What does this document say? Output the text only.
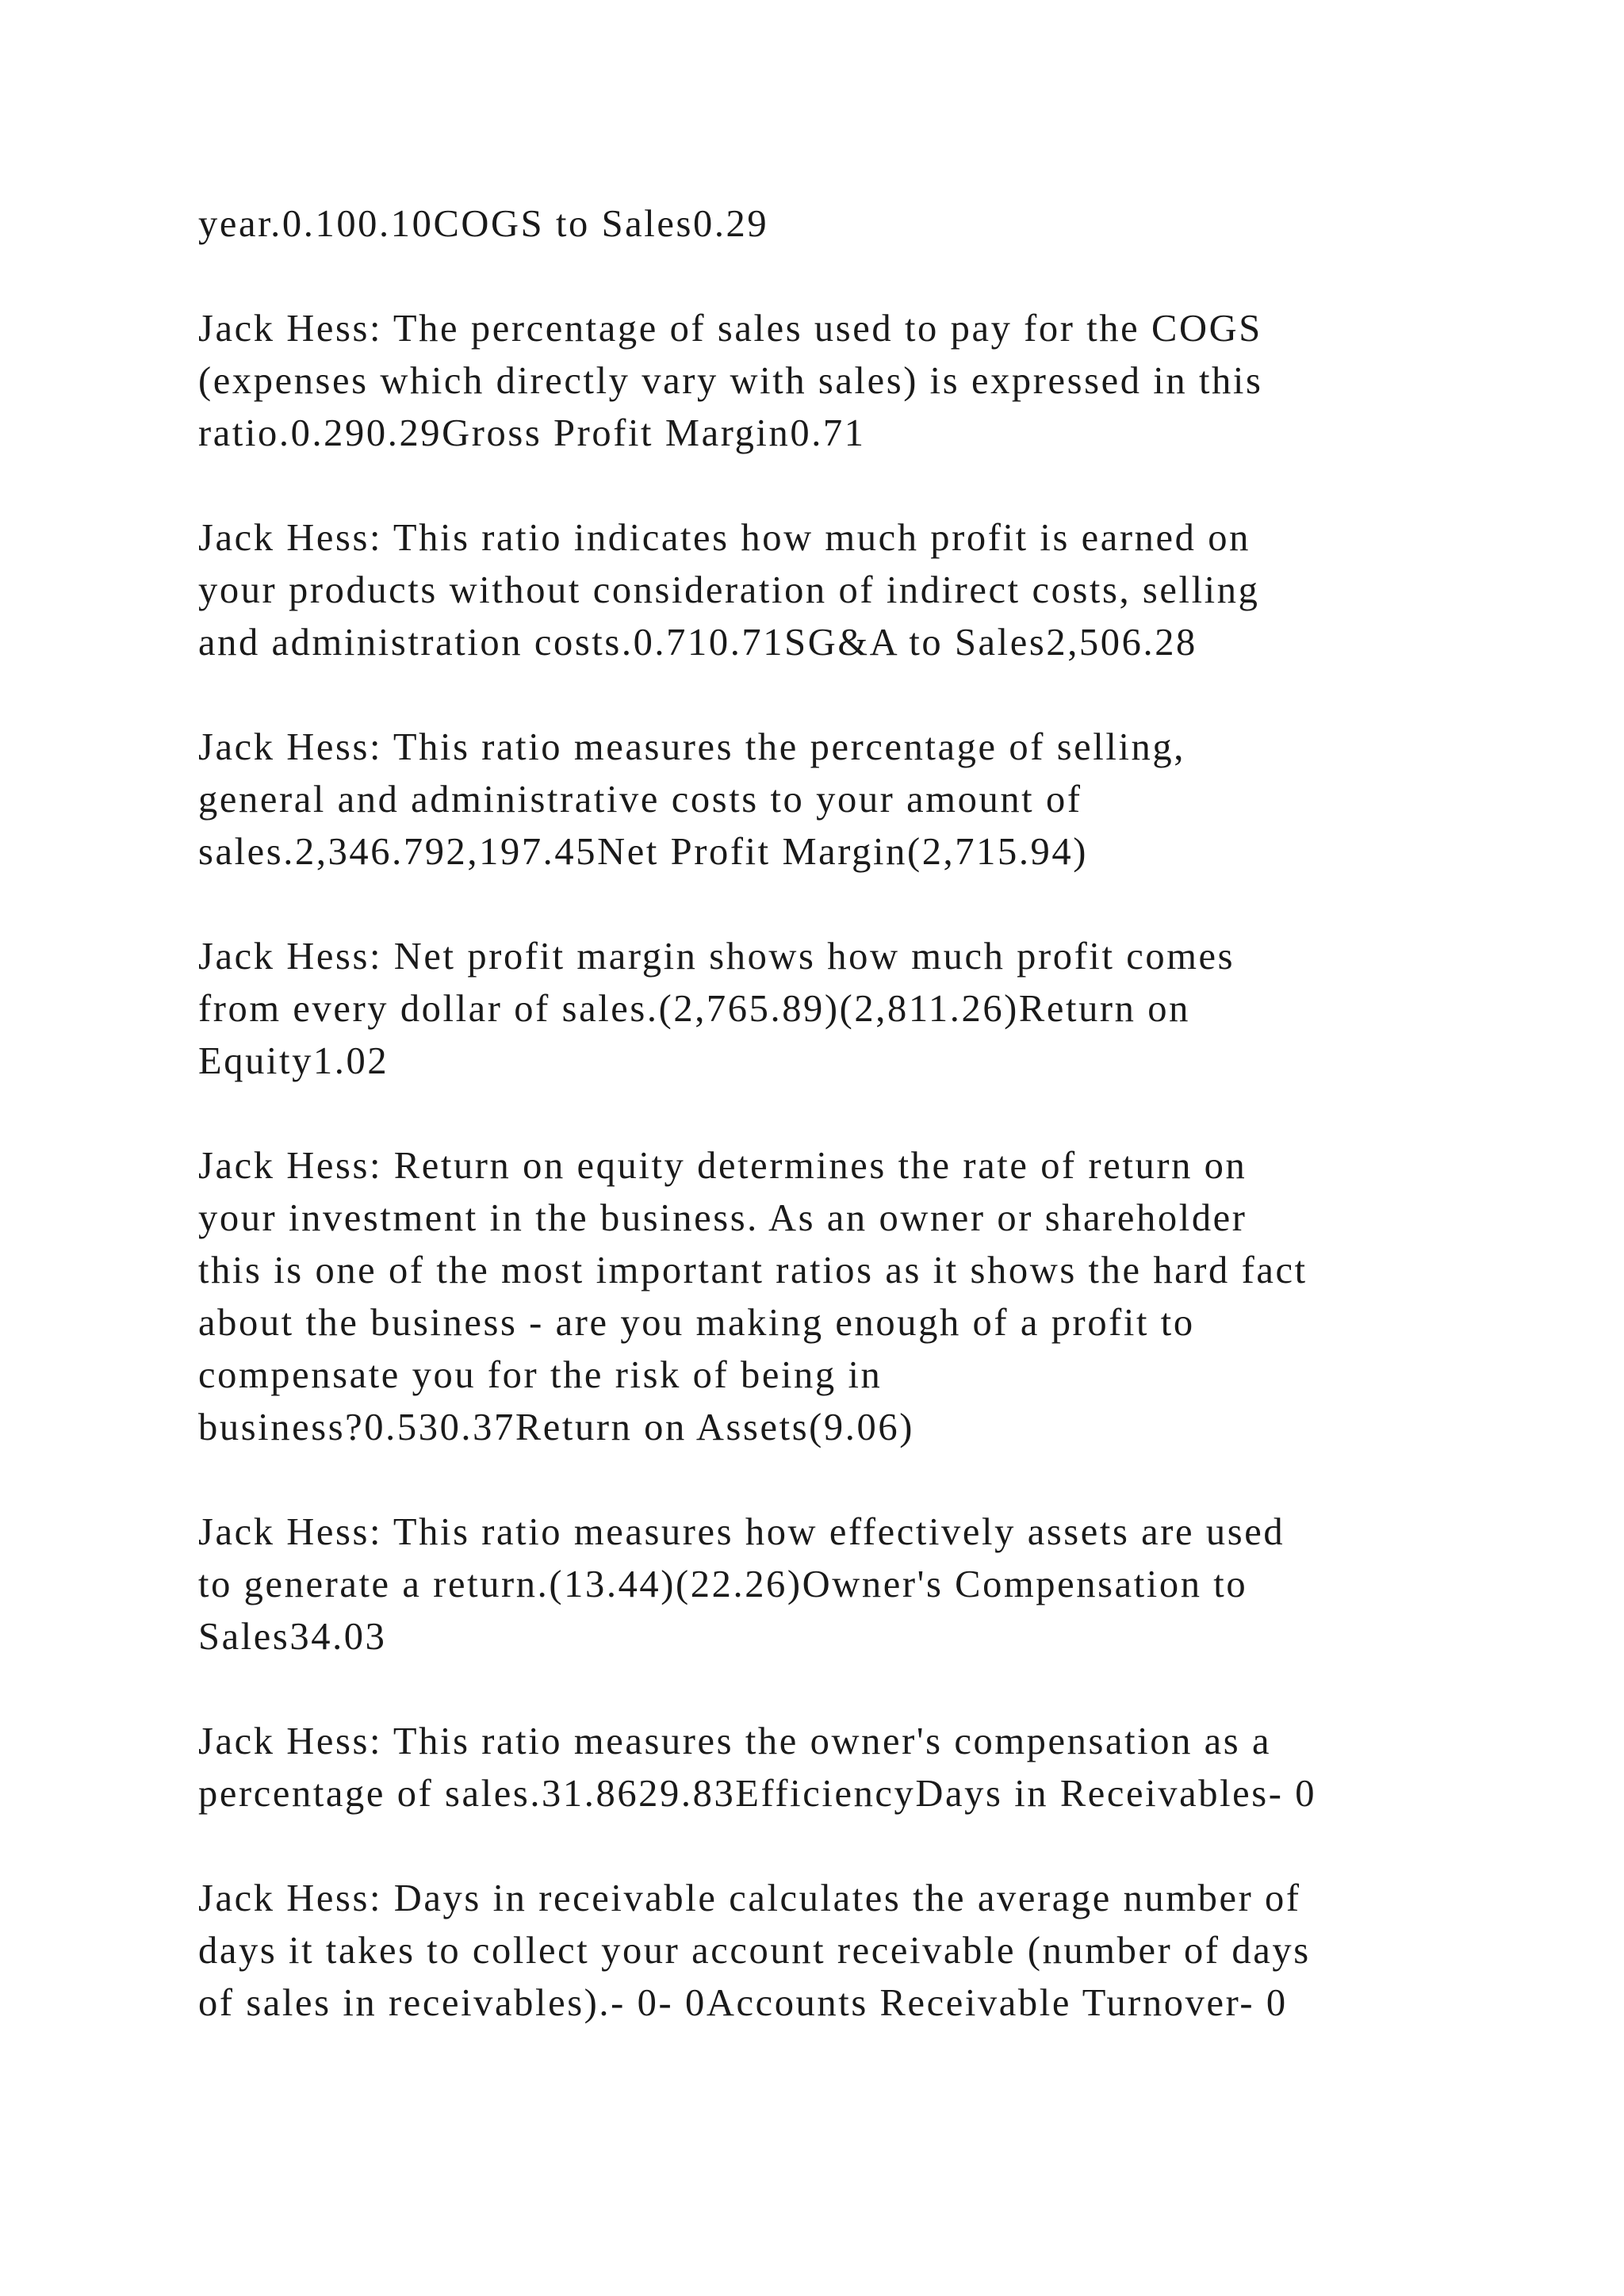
year.0.100.10COGS to Sales0.29

Jack Hess: The percentage of sales used to pay for the COGS
(expenses which directly vary with sales) is expressed in this
ratio.0.290.29Gross Profit Margin0.71

Jack Hess: This ratio indicates how much profit is earned on
your products without consideration of indirect costs, selling
and administration costs.0.710.71SG&A to Sales2,506.28

Jack Hess: This ratio measures the percentage of selling,
general and administrative costs to your amount of
sales.2,346.792,197.45Net Profit Margin(2,715.94)

Jack Hess: Net profit margin shows how much profit comes
from every dollar of sales.(2,765.89)(2,811.26)Return on
Equity1.02

Jack Hess: Return on equity determines the rate of return on
your investment in the business. As an owner or shareholder
this is one of the most important ratios as it shows the hard fact
about the business - are you making enough of a profit to
compensate you for the risk of being in
business?0.530.37Return on Assets(9.06)

Jack Hess: This ratio measures how effectively assets are used
to generate a return.(13.44)(22.26)Owner's Compensation to
Sales34.03

Jack Hess: This ratio measures the owner's compensation as a
percentage of sales.31.8629.83EfficiencyDays in Receivables- 0

Jack Hess: Days in receivable calculates the average number of
days it takes to collect your account receivable (number of days
of sales in receivables).- 0- 0Accounts Receivable Turnover- 0
